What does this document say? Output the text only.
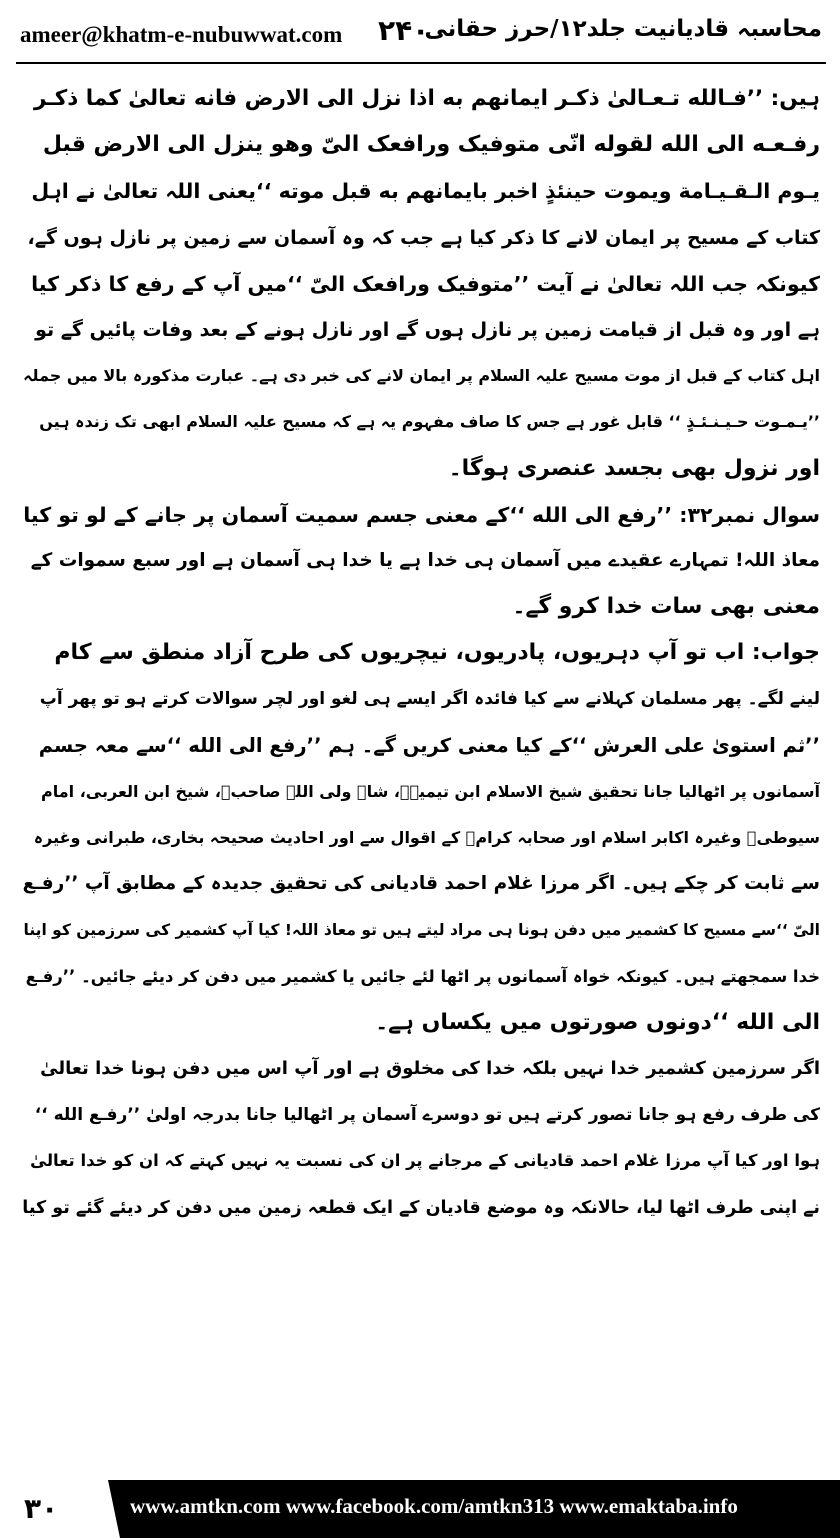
ameer@khatm-e-nubuwwat.com ۲۴۰
محاسبہ قادیانیت جلد۱۲/حرز حقانی
ہیں: ’’فـالله تـعـالیٰ ذکـر ایمانهم به اذا نزل الی الارض فانه تعالیٰ کما ذکـر
رفـعـه الی الله لقوله انّی متوفیک ورافعک الیّ وهو ینزل الی الارض قبل
یـوم الـقـیـامة ویموت حینئذٍ اخبر بایمانهم به قبل موته ‘‘یعنی اللہ تعالیٰ نے اہل
کتاب کے مسیح پر ایمان لانے کا ذکر کیا ہے جب کہ وہ آسمان سے زمین پر نازل ہوں گے،
کیونکہ جب اللہ تعالیٰ نے آیت ’’متوفیک ورافعک الیّ ‘‘میں آپ کے رفع کا ذکر کیا
ہے اور وہ قبل از قیامت زمین پر نازل ہوں گے اور نازل ہونے کے بعد وفات پائیں گے تو
اہل کتاب کے قبل از موت مسیح علیہ السلام پر ایمان لانے کی خبر دی ہے۔ عبارت مذکورہ بالا میں جملہ
’’یـمـوت حـیـنـئـذٍ ‘‘ قابل غور ہے جس کا صاف مفہوم یہ ہے کہ مسیح علیہ السلام ابھی تک زندہ ہیں
اور نزول بھی بجسد عنصری ہوگا۔
سوال نمبر۳۲: ’’رفع الی الله ‘‘کے معنی جسم سمیت آسمان پر جانے کے لو تو کیا
معاذ اللہ! تمہارے عقیدے میں آسمان ہی خدا ہے یا خدا ہی آسمان ہے اور سبع سموات کے
معنی بھی سات خدا کرو گے۔
جواب: اب تو آپ دہریوں، پادریوں، نیچریوں کی طرح آزاد منطق سے کام
لینے لگے۔ پھر مسلمان کہلانے سے کیا فائدہ اگر ایسے ہی لغو اور لچر سوالات کرتے ہو تو پھر آپ
’’ثم استویٰ علی العرش ‘‘کے کیا معنی کریں گے۔ ہم ’’رفع الی الله ‘‘سے معہ جسم
آسمانوں پر اٹھالیا جانا تحقیق شیخ الاسلام ابن تیمیہؒ، شاہ ولی اللہ صاحبؒ، شیخ ابن العربی، امام
سیوطیؒ وغیرہ اکابر اسلام اور صحابہ کرامؓ کے اقوال سے اور احادیث صحیحہ بخاری، طبرانی وغیرہ
سے ثابت کر چکے ہیں۔ اگر مرزا غلام احمد قادیانی کی تحقیق جدیدہ کے مطابق آپ ’’رفـع
الیّ ‘‘سے مسیح کا کشمیر میں دفن ہونا ہی مراد لیتے ہیں تو معاذ اللہ! کیا آپ کشمیر کی سرزمین کو اپنا
خدا سمجھتے ہیں۔ کیونکہ خواہ آسمانوں پر اٹھا لئے جائیں یا کشمیر میں دفن کر دیئے جائیں۔ ’’رفـع
الی الله ‘‘دونوں صورتوں میں یکساں ہے۔
اگر سرزمین کشمیر خدا نہیں بلکہ خدا کی مخلوق ہے اور آپ اس میں دفن ہونا خدا تعالیٰ
کی طرف رفع ہو جانا تصور کرتے ہیں تو دوسرے آسمان پر اٹھالیا جانا بدرجہ اولیٰ ’’رفـع الله ‘‘
ہوا اور کیا آپ مرزا غلام احمد قادیانی کے مرجانے پر ان کی نسبت یہ نہیں کہتے کہ ان کو خدا تعالیٰ
نے اپنی طرف اٹھا لیا، حالانکہ وہ موضع قادیان کے ایک قطعہ زمین میں دفن کر دیئے گئے تو کیا
۳۰	www.amtkn.com www.facebook.com/amtkn313 www.emaktaba.info
